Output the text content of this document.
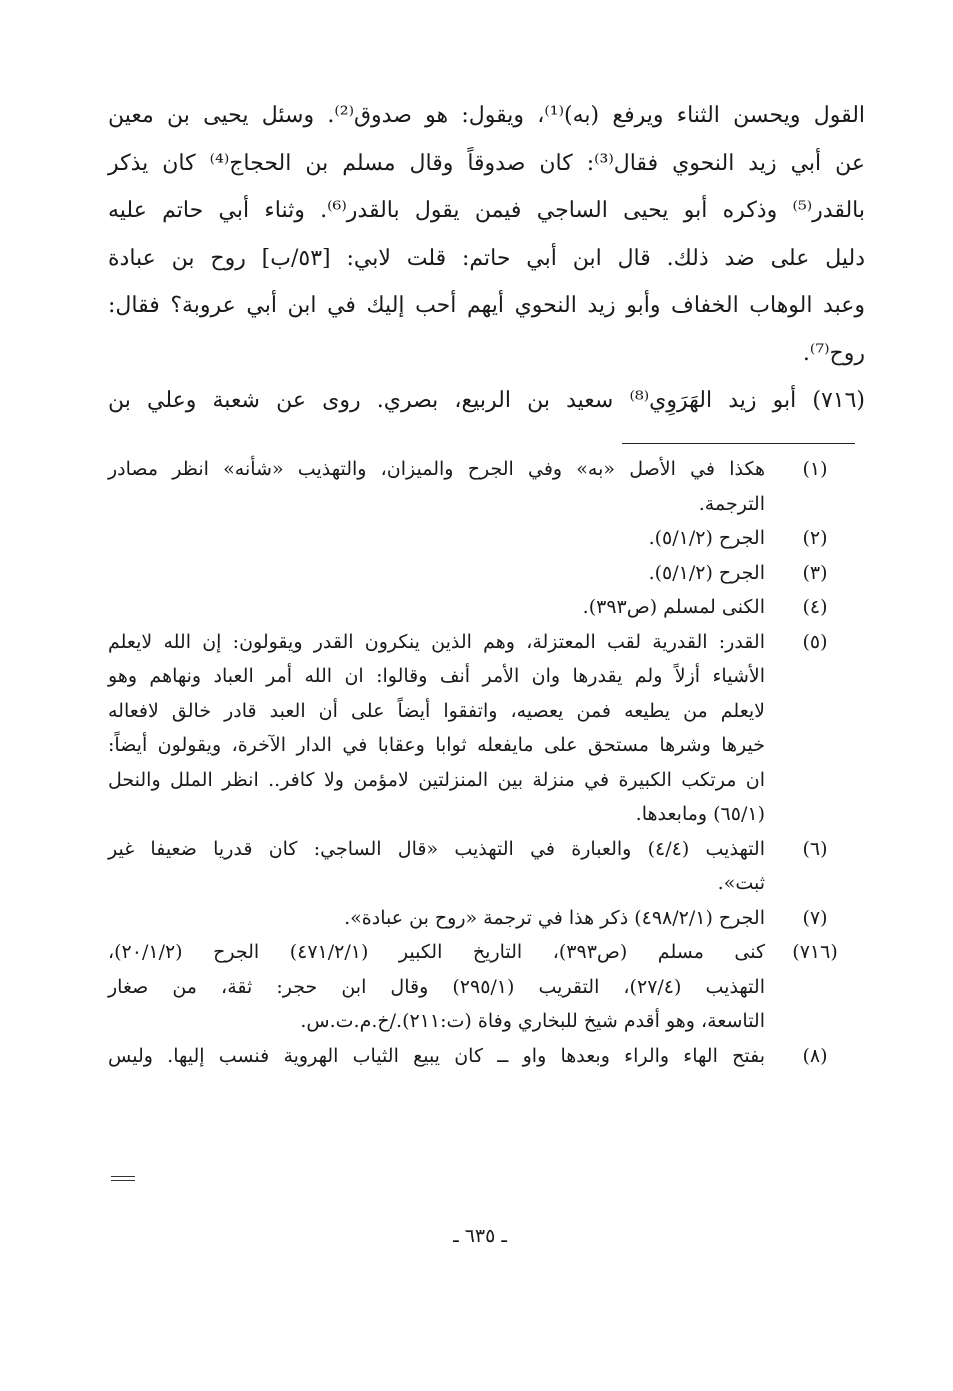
القول ويحسن الثناء ويرفع (به)⁽¹⁾، ويقول: هو صدوق⁽²⁾. وسئل يحيى بن معين
عن أبي زيد النحوي فقال⁽³⁾: كان صدوقاً وقال مسلم بن الحجاج⁽⁴⁾ كان يذكر
بالقدر⁽⁵⁾ وذكره أبو يحيى الساجي فيمن يقول بالقدر⁽⁶⁾. وثناء أبي حاتم عليه
دليل على ضد ذلك. قال ابن أبي حاتم: قلت لابي: [٥٣/ب] روح بن عبادة
وعبد الوهاب الخفاف وأبو زيد النحوي أيهم أحب إليك في ابن أبي عروبة؟ فقال:
روح⁽⁷⁾.

(٧١٦) أبو زيد الهَرَوِي⁽⁸⁾ سعيد بن الربيع، بصري. روى عن شعبة وعلي بن

(١)
هكذا في الأصل «به» وفي الجرح والميزان، والتهذيب «شأنه» انظر مصادر
الترجمة.
(٢)
الجرح (٥/١/٢).
(٣)
الجرح (٥/١/٢).
(٤)
الكنى لمسلم (ص٣٩٣).
(٥)
القدر: القدرية لقب المعتزلة، وهم الذين ينكرون القدر ويقولون: إن الله لايعلم
الأشياء أزلاً ولم يقدرها وان الأمر أنف وقالوا: ان الله أمر العباد ونهاهم وهو
لايعلم من يطيعه فمن يعصيه، واتفقوا أيضاً على أن العبد قادر خالق لافعاله
خيرها وشرها مستحق على مايفعله ثوابا وعقابا في الدار الآخرة، ويقولون أيضاً:
ان مرتكب الكبيرة في منزلة بين المنزلتين لامؤمن ولا كافر.. انظر الملل والنحل
(٦٥/١) ومابعدها.
(٦)
التهذيب (٤/٤) والعبارة في التهذيب «قال الساجي: كان قدريا ضعيفا غير
ثبت».
(٧)
الجرح (٤٩٨/٢/١) ذكر هذا في ترجمة «روح بن عبادة».
(٧١٦)
كنى مسلم (ص٣٩٣)، التاريخ الكبير (٤٧١/٢/١) الجرح (٢٠/١/٢)،
التهذيب (٢٧/٤)، التقريب (٢٩٥/١) وقال ابن حجر: ثقة، من صغار
التاسعة، وهو أقدم شيخ للبخاري وفاة (ت:٢١١)./خ.م.ت.س.
(٨)
بفتح الهاء والراء وبعدها واو ــ كان يبيع الثياب الهروية فنسب إليها. وليس
ـ ٦٣٥ ـ
